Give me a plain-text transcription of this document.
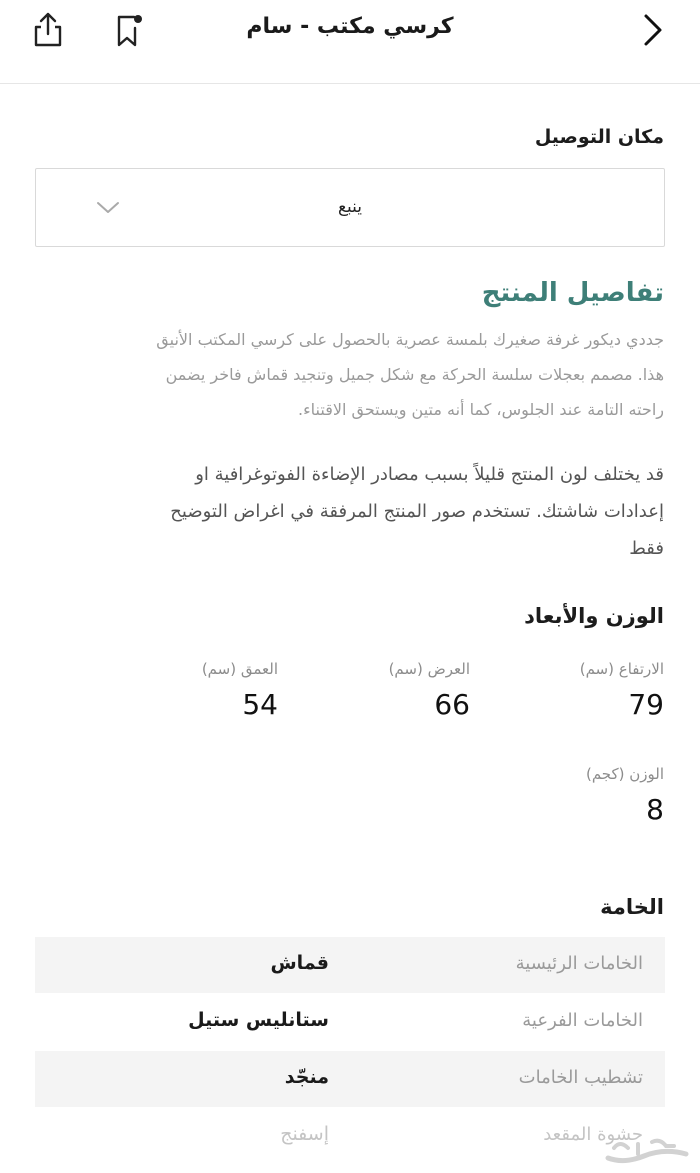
كرسي مكتب - سام
مكان التوصيل
ينبع
تفاصيل المنتج
جددي ديكور غرفة صغيرك بلمسة عصرية بالحصول على كرسي المكتب الأنيق
هذا. مصمم بعجلات سلسة الحركة مع شكل جميل وتنجيد قماش فاخر يضمن
راحته التامة عند الجلوس، كما أنه متين ويستحق الاقتناء.
قد يختلف لون المنتج قليلاً بسبب مصادر الإضاءة الفوتوغرافية او
إعدادات شاشتك. تستخدم صور المنتج المرفقة في اغراض التوضيح
فقط
الوزن والأبعاد
الارتفاع (سم)
79
العرض (سم)
66
العمق (سم)
54
الوزن (كجم)
8
الخامة
الخامات الرئيسية
قماش
الخامات الفرعية
ستانليس ستيل
تشطيب الخامات
منجّد
حشوة المقعد
إسفنج
